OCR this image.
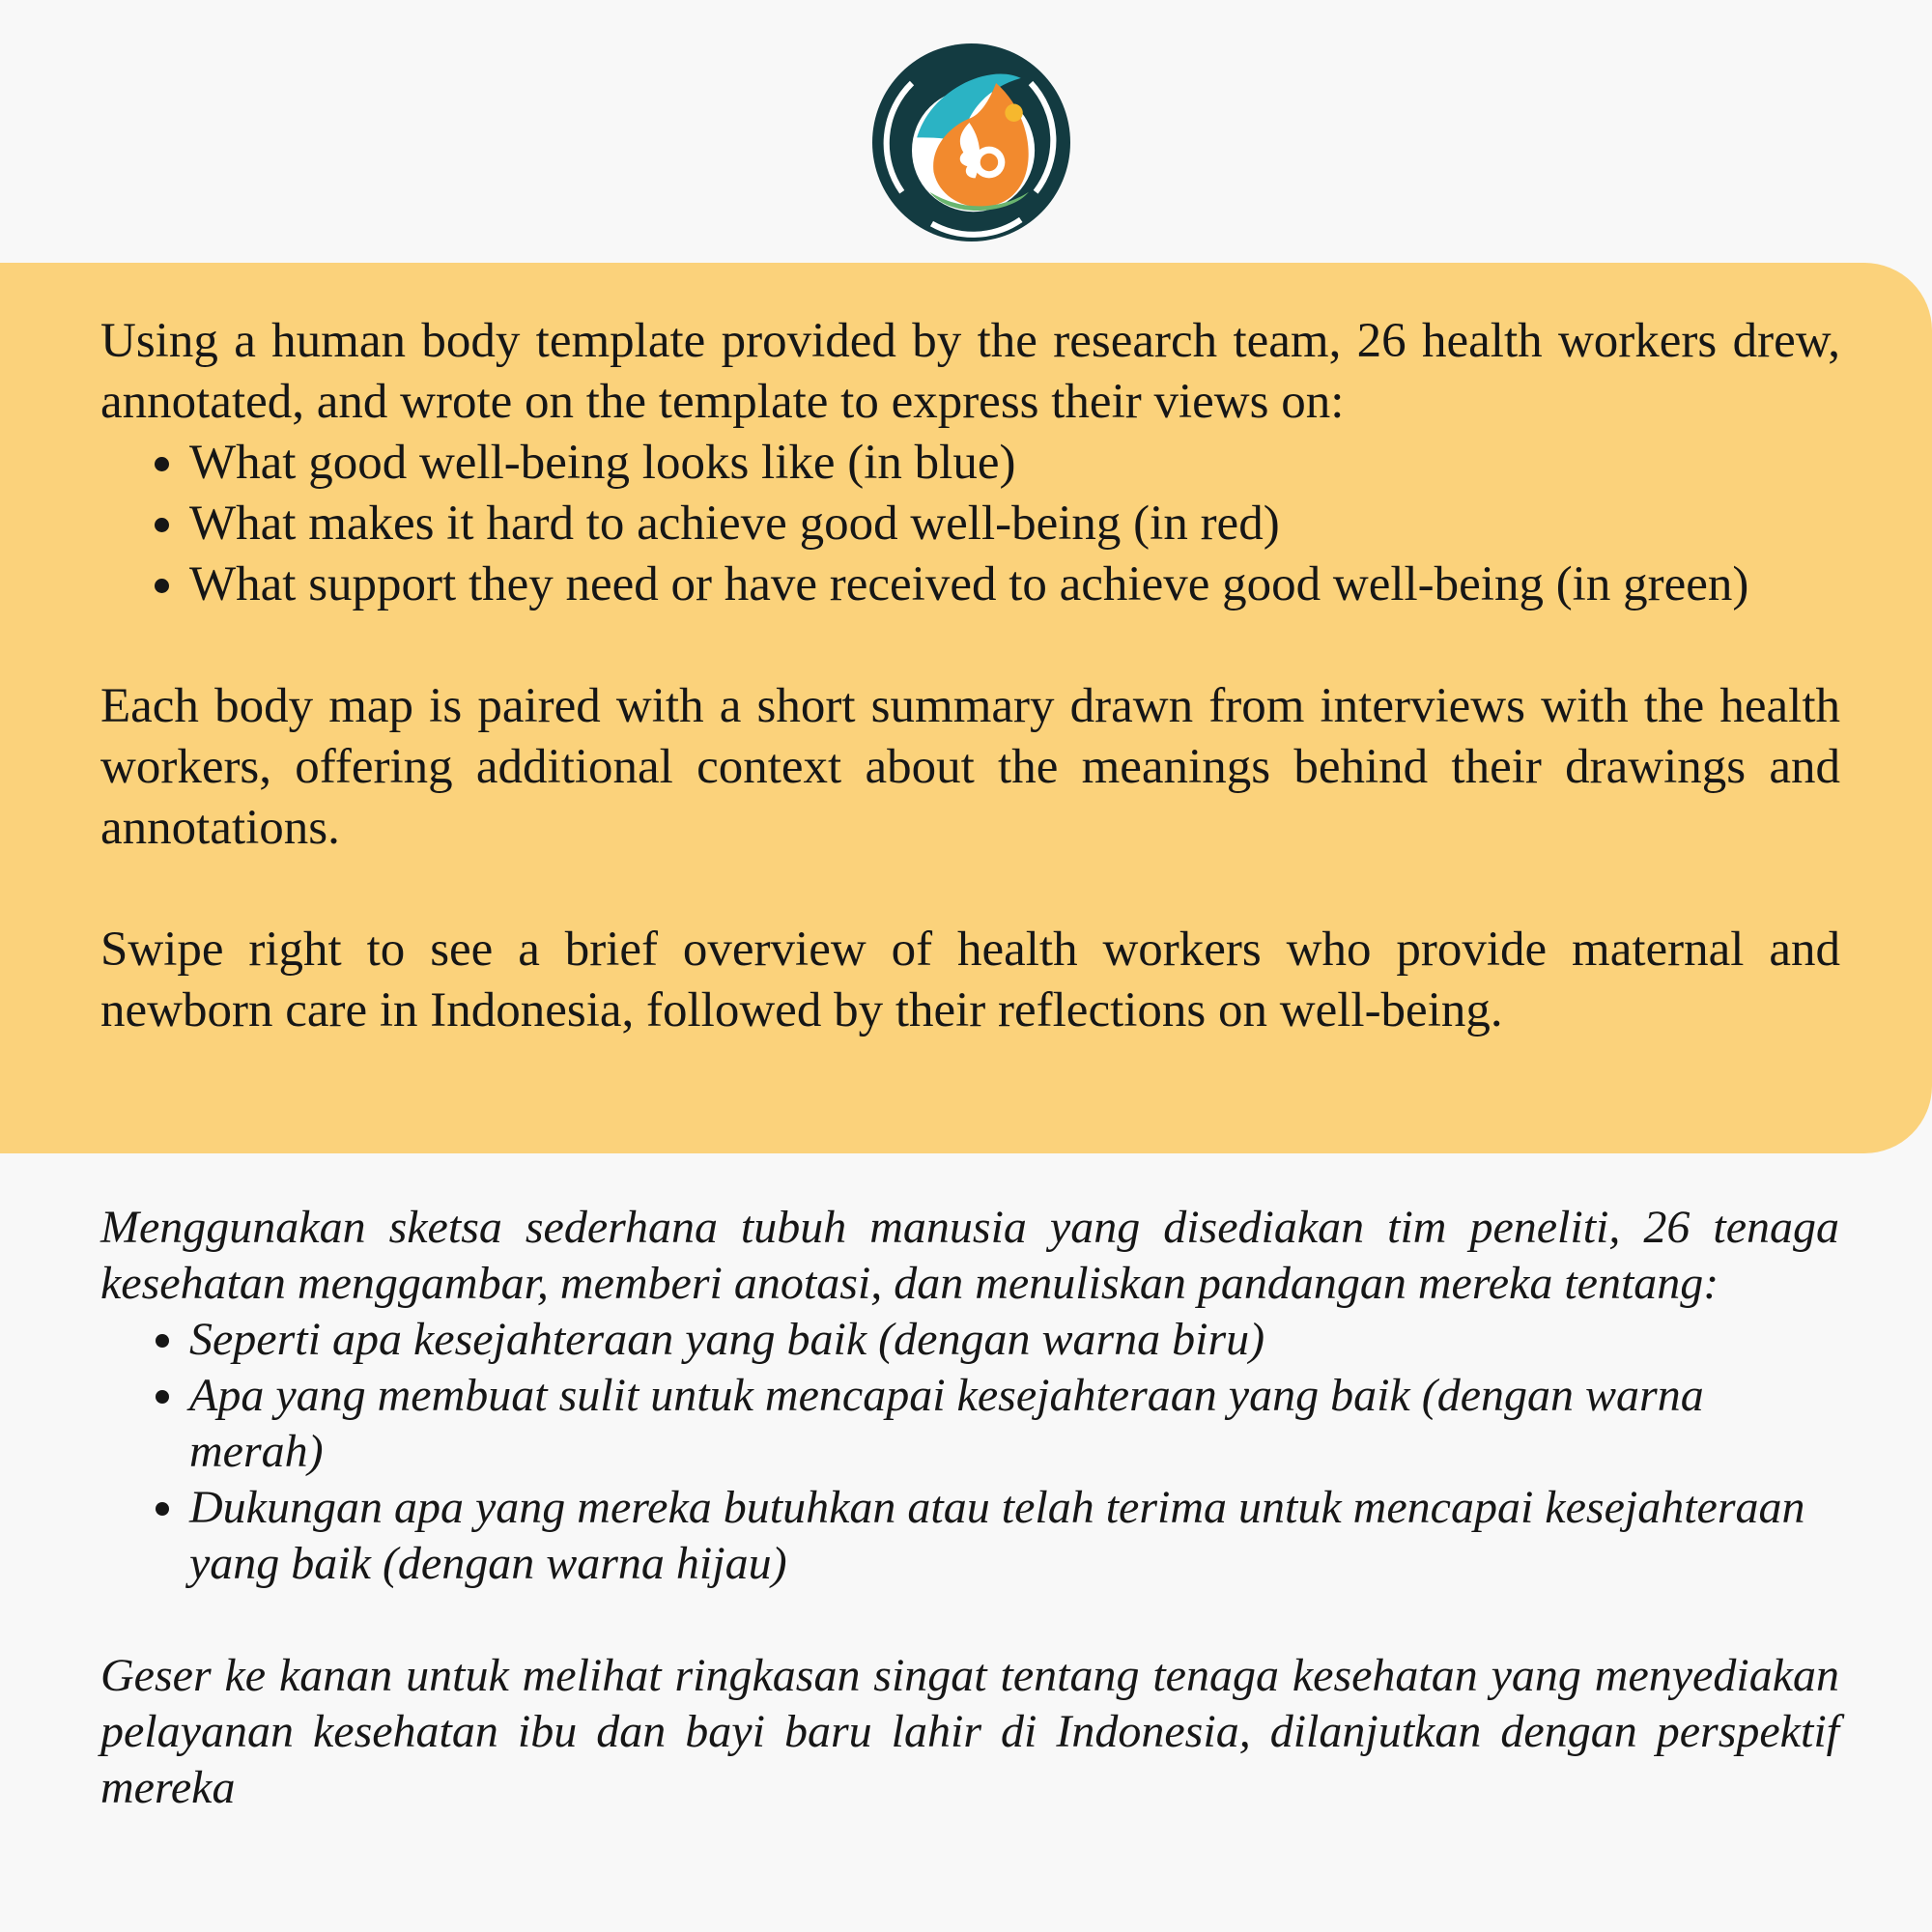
Using a human body template provided by the research team, 26 health workers drew, annotated, and wrote on the template to express their views on:

• What good well-being looks like (in blue)
• What makes it hard to achieve good well-being (in red)
• What support they need or have received to achieve good well-being (in green)

Each body map is paired with a short summary drawn from interviews with the health workers, offering additional context about the meanings behind their drawings and annotations.

Swipe right to see a brief overview of health workers who provide maternal and newborn care in Indonesia, followed by their reflections on well-being.

Menggunakan sketsa sederhana tubuh manusia yang disediakan tim peneliti, 26 tenaga kesehatan menggambar, memberi anotasi, dan menuliskan pandangan mereka tentang:

• Seperti apa kesejahteraan yang baik (dengan warna biru)
• Apa yang membuat sulit untuk mencapai kesejahteraan yang baik (dengan warna merah)
• Dukungan apa yang mereka butuhkan atau telah terima untuk mencapai kesejahteraan yang baik (dengan warna hijau)

Geser ke kanan untuk melihat ringkasan singat tentang tenaga kesehatan yang menyediakan pelayanan kesehatan ibu dan bayi baru lahir di Indonesia, dilanjutkan dengan perspektif mereka
